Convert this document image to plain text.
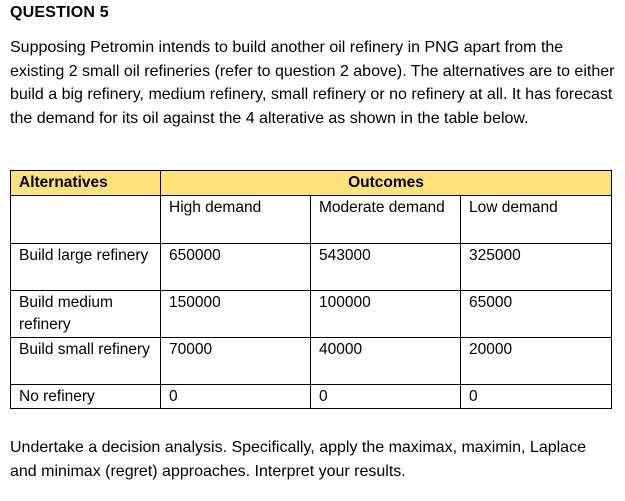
QUESTION 5
Supposing Petromin intends to build another oil refinery in PNG apart from the existing 2 small oil refineries (refer to question 2 above). The alternatives are to either build a big refinery, medium refinery, small refinery or no refinery at all. It has forecast the demand for its oil against the 4 alterative as shown in the table below.
Alternatives	Outcomes		
	High demand	Moderate demand	Low demand
Build large refinery	650000	543000	325000
Build medium refinery	150000	100000	65000
Build small refinery	70000	40000	20000
No refinery	0	0	0
Undertake a decision analysis. Specifically, apply the maximax, maximin, Laplace and minimax (regret) approaches. Interpret your results.
